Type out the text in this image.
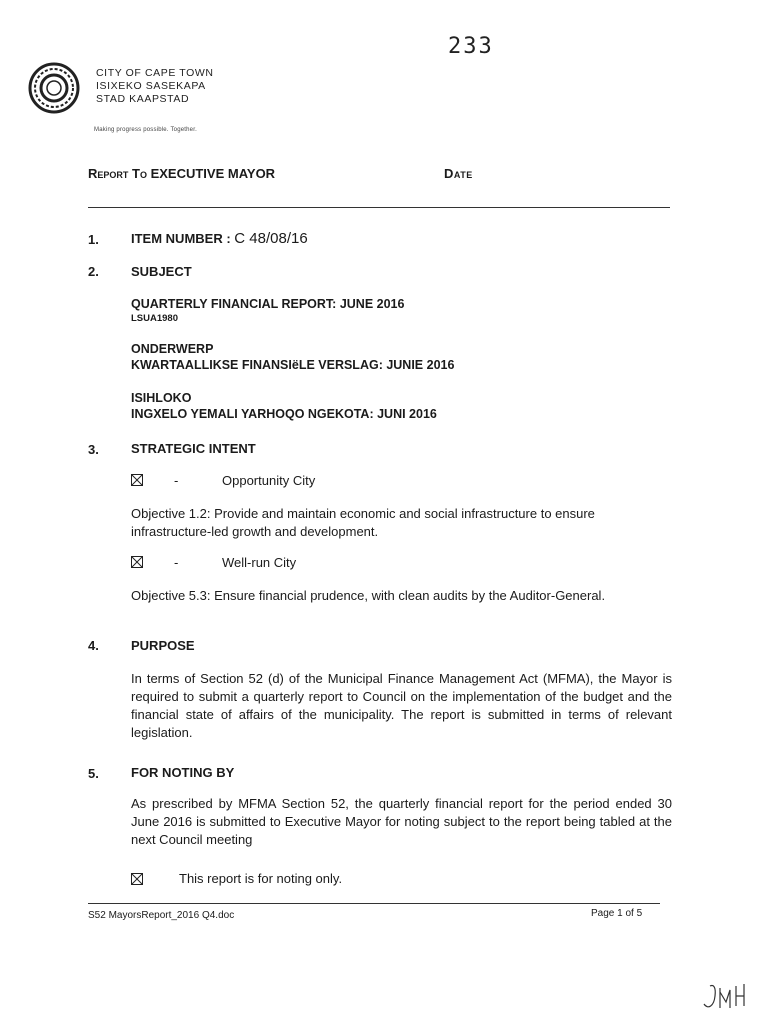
233
CITY OF CAPE TOWN
ISIXEKO SASEKAPA
STAD KAAPSTAD
Making progress possible. Together.
Report To EXECUTIVE MAYOR	Date
1. ITEM NUMBER : C 48/08/16
2. SUBJECT
QUARTERLY FINANCIAL REPORT: JUNE 2016
LSUA1980
ONDERWERP
KWARTAALLIKSE FINANSIëLE VERSLAG: JUNIE 2016
ISIHLOKO
INGXELO YEMALI YARHOQO NGEKOTA: JUNI 2016
3. STRATEGIC INTENT
-	Opportunity City
Objective 1.2: Provide and maintain economic and social infrastructure to ensure infrastructure-led growth and development.
-	Well-run City
Objective 5.3: Ensure financial prudence, with clean audits by the Auditor-General.
4. PURPOSE
In terms of Section 52 (d) of the Municipal Finance Management Act (MFMA), the Mayor is required to submit a quarterly report to Council on the implementation of the budget and the financial state of affairs of the municipality. The report is submitted in terms of relevant legislation.
5. FOR NOTING BY
As prescribed by MFMA Section 52, the quarterly financial report for the period ended 30 June 2016 is submitted to Executive Mayor for noting subject to the report being tabled at the next Council meeting
This report is for noting only.
S52 MayorsReport_2016 Q4.doc	Page 1 of 5
